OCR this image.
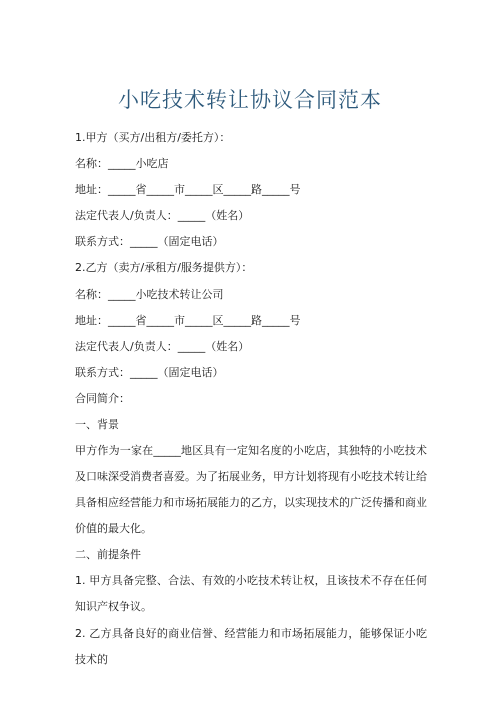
小吃技术转让协议合同范本
1.甲方（买方/出租方/委托方）：
名称：_____小吃店
地址：_____省_____市_____区_____路_____号
法定代表人/负责人：_____（姓名）
联系方式：_____（固定电话）
2.乙方（卖方/承租方/服务提供方）：
名称：_____小吃技术转让公司
地址：_____省_____市_____区_____路_____号
法定代表人/负责人：_____（姓名）
联系方式：_____（固定电话）
合同简介：
一、背景
甲方作为一家在_____地区具有一定知名度的小吃店，其独特的小吃技术及口味深受消费者喜爱。为了拓展业务，甲方计划将现有小吃技术转让给具备相应经营能力和市场拓展能力的乙方，以实现技术的广泛传播和商业价值的最大化。
二、前提条件
1. 甲方具备完整、合法、有效的小吃技术转让权，且该技术不存在任何知识产权争议。
2. 乙方具备良好的商业信誉、经营能力和市场拓展能力，能够保证小吃技术的
